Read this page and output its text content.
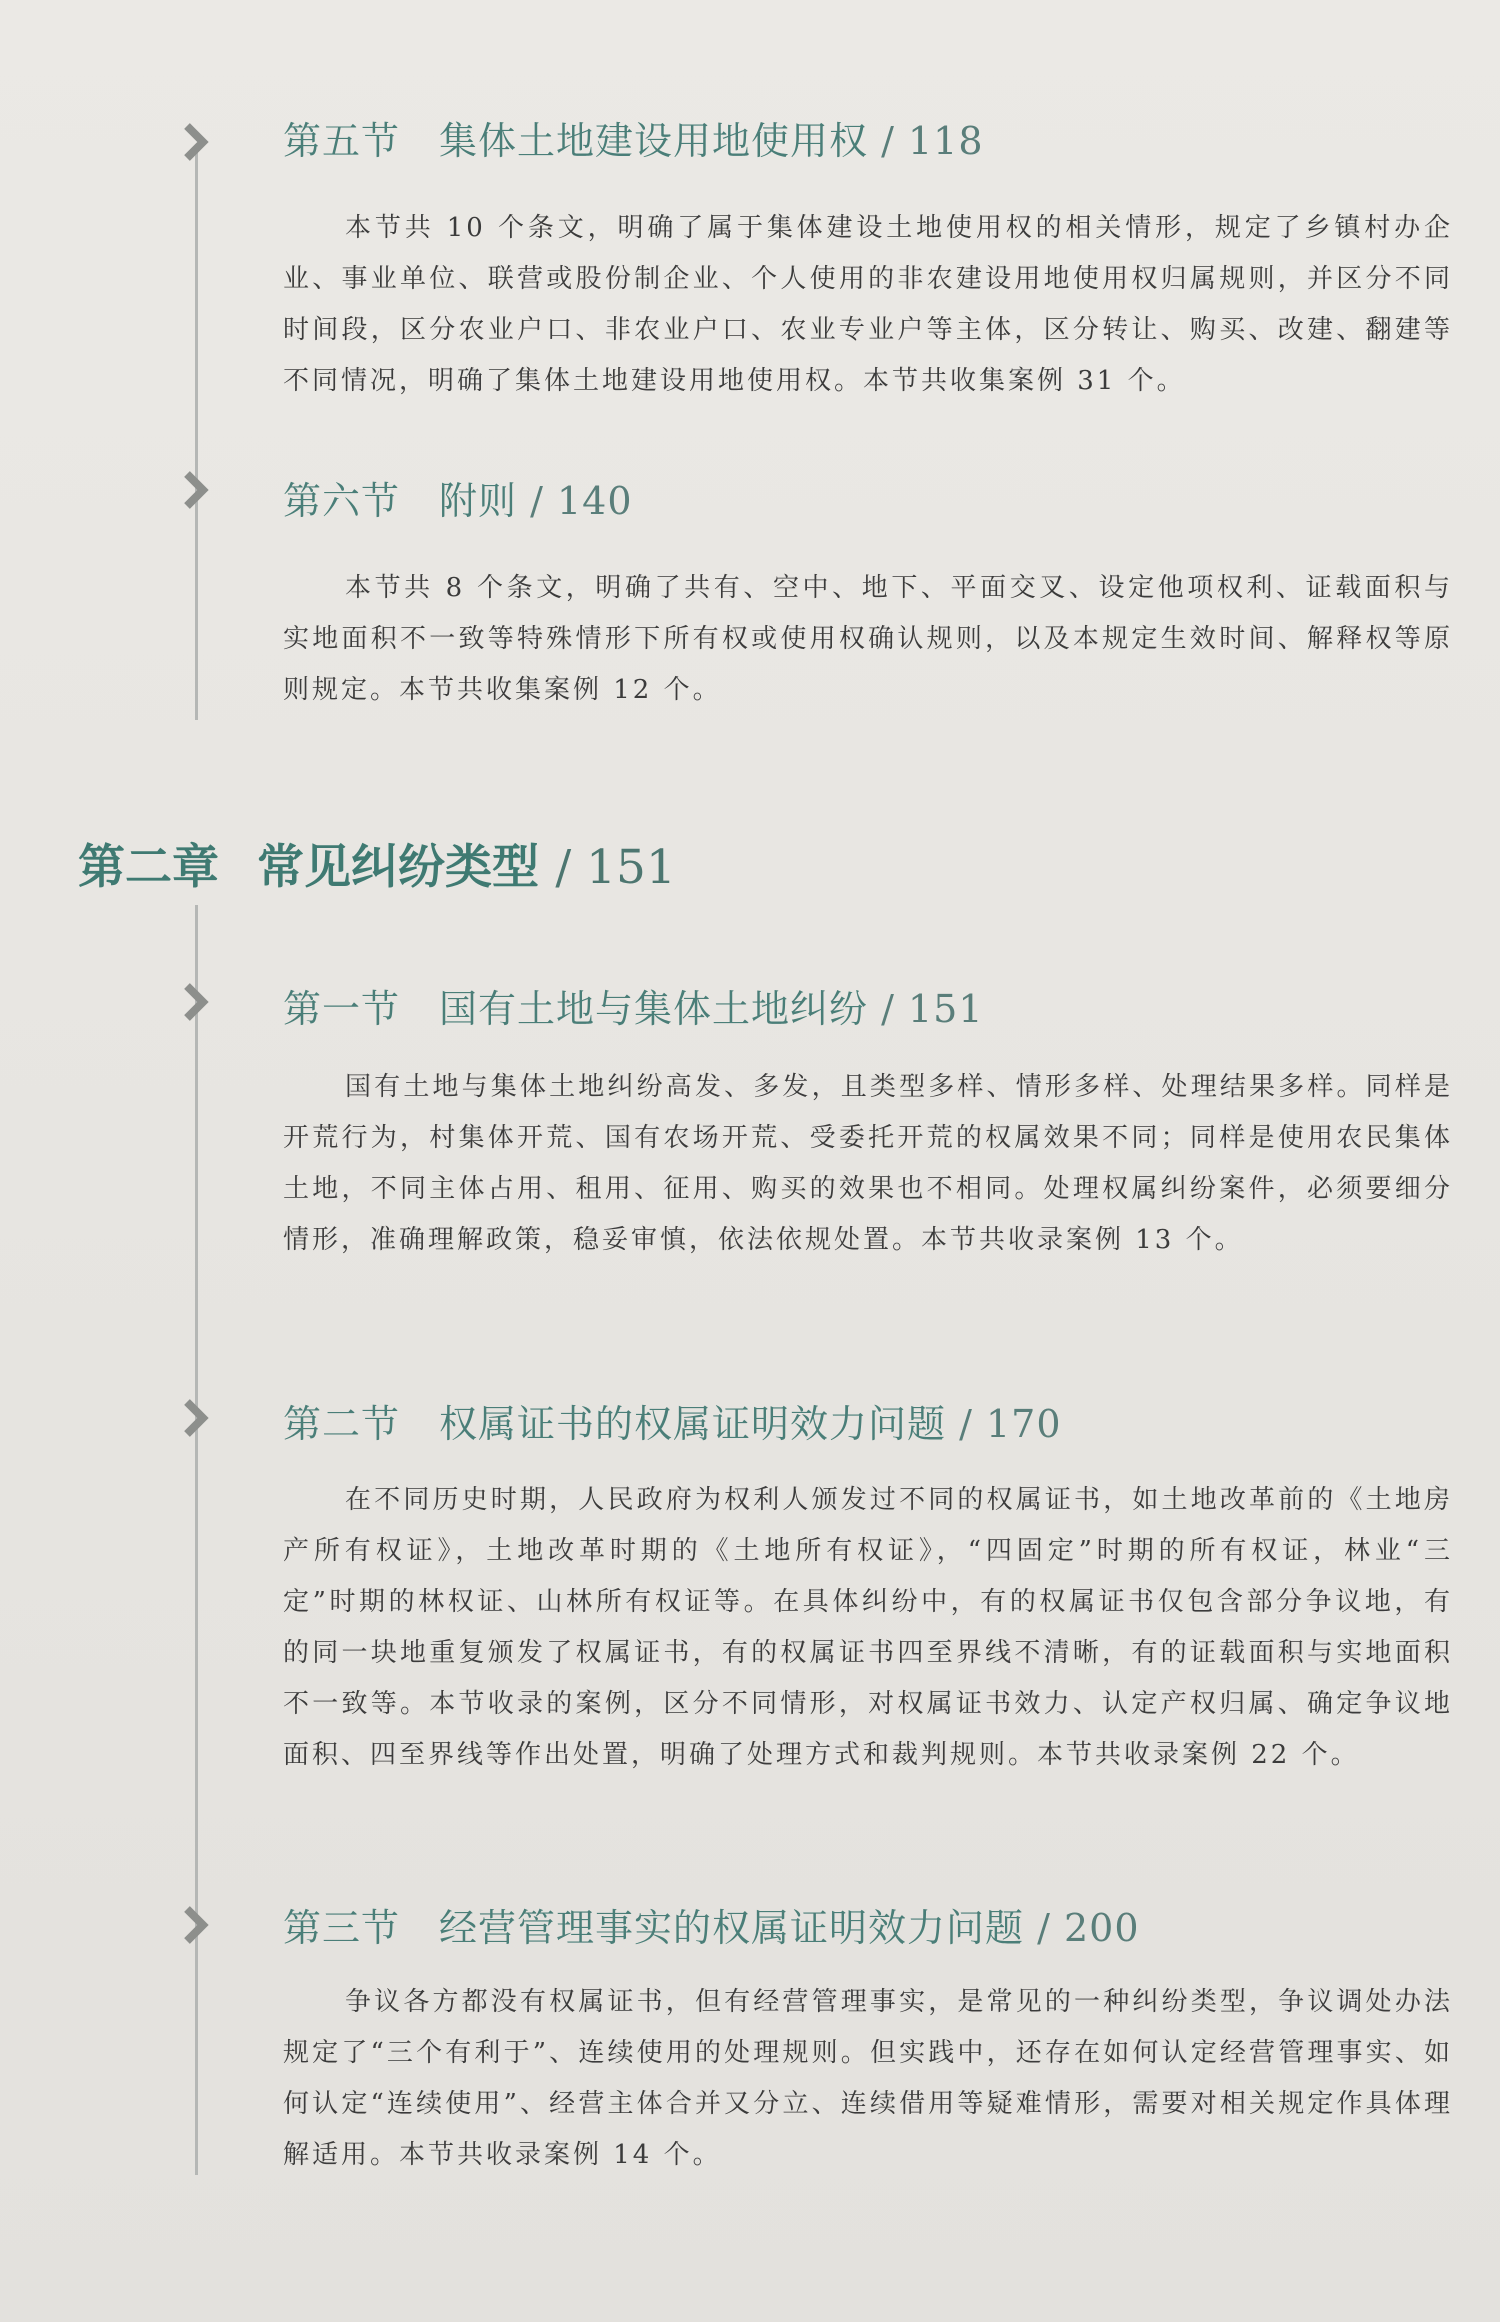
第五节　集体土地建设用地使用权 / 118
本节共 10 个条文，明确了属于集体建设土地使用权的相关情形，规定了乡镇村办企业、事业单位、联营或股份制企业、个人使用的非农建设用地使用权归属规则，并区分不同时间段，区分农业户口、非农业户口、农业专业户等主体，区分转让、购买、改建、翻建等不同情况，明确了集体土地建设用地使用权。本节共收集案例 31 个。
第六节　附则 / 140
本节共 8 个条文，明确了共有、空中、地下、平面交叉、设定他项权利、证载面积与实地面积不一致等特殊情形下所有权或使用权确认规则，以及本规定生效时间、解释权等原则规定。本节共收集案例 12 个。
第二章 常见纠纷类型 / 151
第一节　国有土地与集体土地纠纷 / 151
国有土地与集体土地纠纷高发、多发，且类型多样、情形多样、处理结果多样。同样是开荒行为，村集体开荒、国有农场开荒、受委托开荒的权属效果不同；同样是使用农民集体土地，不同主体占用、租用、征用、购买的效果也不相同。处理权属纠纷案件，必须要细分情形，准确理解政策，稳妥审慎，依法依规处置。本节共收录案例 13 个。
第二节　权属证书的权属证明效力问题 / 170
在不同历史时期，人民政府为权利人颁发过不同的权属证书，如土地改革前的《土地房产所有权证》，土地改革时期的《土地所有权证》，“四固定”时期的所有权证，林业“三定”时期的林权证、山林所有权证等。在具体纠纷中，有的权属证书仅包含部分争议地，有的同一块地重复颁发了权属证书，有的权属证书四至界线不清晰，有的证载面积与实地面积不一致等。本节收录的案例，区分不同情形，对权属证书效力、认定产权归属、确定争议地面积、四至界线等作出处置，明确了处理方式和裁判规则。本节共收录案例 22 个。
第三节　经营管理事实的权属证明效力问题 / 200
争议各方都没有权属证书，但有经营管理事实，是常见的一种纠纷类型，争议调处办法规定了“三个有利于”、连续使用的处理规则。但实践中，还存在如何认定经营管理事实、如何认定“连续使用”、经营主体合并又分立、连续借用等疑难情形，需要对相关规定作具体理解适用。本节共收录案例 14 个。
